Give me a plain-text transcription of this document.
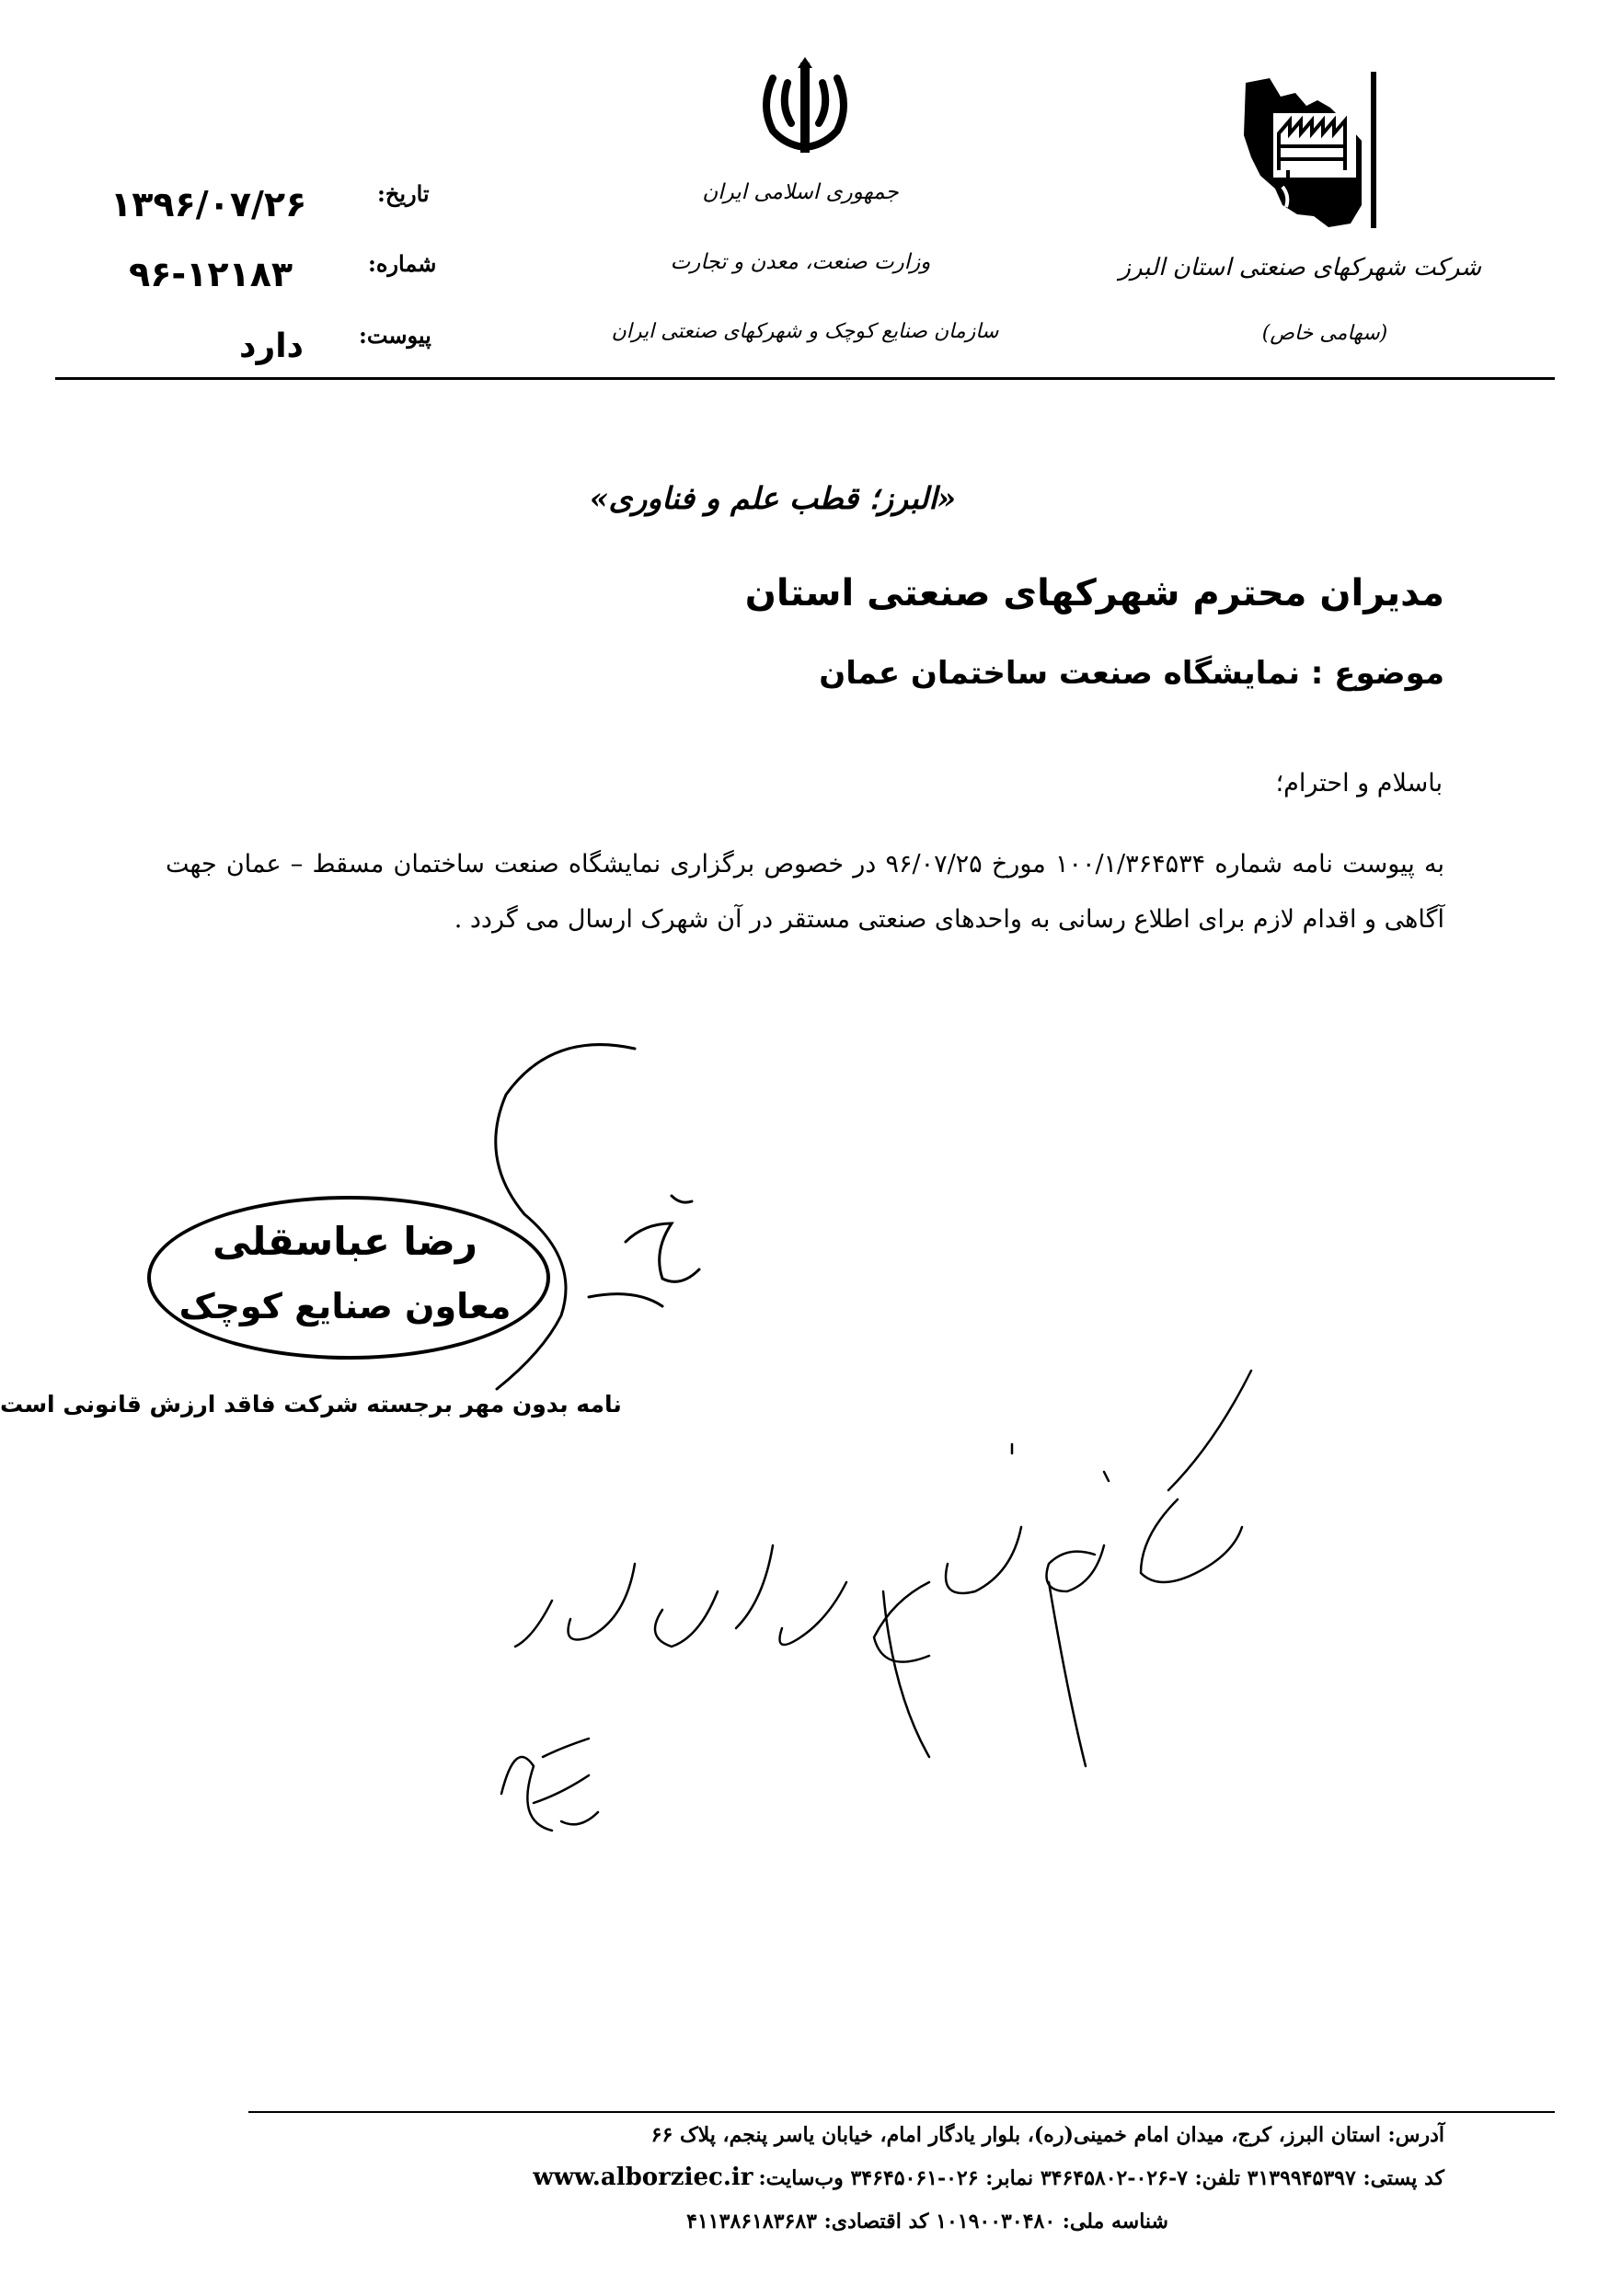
۱۳۹۶/۰۷/۲۶	تاریخ:
۹۶-۱۲۱۸۳	شماره:
دارد پیوست:
جمهوری اسلامی ایران
وزارت صنعت، معدن و تجارت
سازمان صنایع کوچک و شهرکهای صنعتی ایران
شرکت شهرکهای صنعتی استان البرز
(سهامی خاص)
«البرز؛ قطب علم و فناوری»
مدیران محترم شهرکهای صنعتی استان
موضوع : نمایشگاه صنعت ساختمان عمان
باسلام و احترام؛
به پیوست نامه شماره ۱۰۰/۱/۳۶۴۵۳۴ مورخ ۹۶/۰۷/۲۵ در خصوص برگزاری نمایشگاه صنعت ساختمان مسقط – عمان جهت آگاهی و اقدام لازم برای اطلاع رسانی به واحدهای صنعتی مستقر در آن شهرک ارسال می گردد .
رضا عباسقلی
معاون صنایع کوچک
نامه بدون مهر برجسته شرکت فاقد ارزش قانونی است
آدرس: استان البرز، کرج، میدان امام خمینی(ره)، بلوار یادگار امام، خیابان یاسر پنجم، پلاک ۶۶
www.alborziec.ir کد پستی: ۳۱۳۹۹۴۵۳۹۷ تلفن: ۷-۰۲۶-۳۴۶۴۵۸۰۲ نمابر: ۰۲۶-۳۴۶۴۵۰۶۱ وب‌سایت:
شناسه ملی: ۱۰۱۹۰۰۳۰۴۸۰ کد اقتصادی: ۴۱۱۳۸۶۱۸۳۶۸۳
